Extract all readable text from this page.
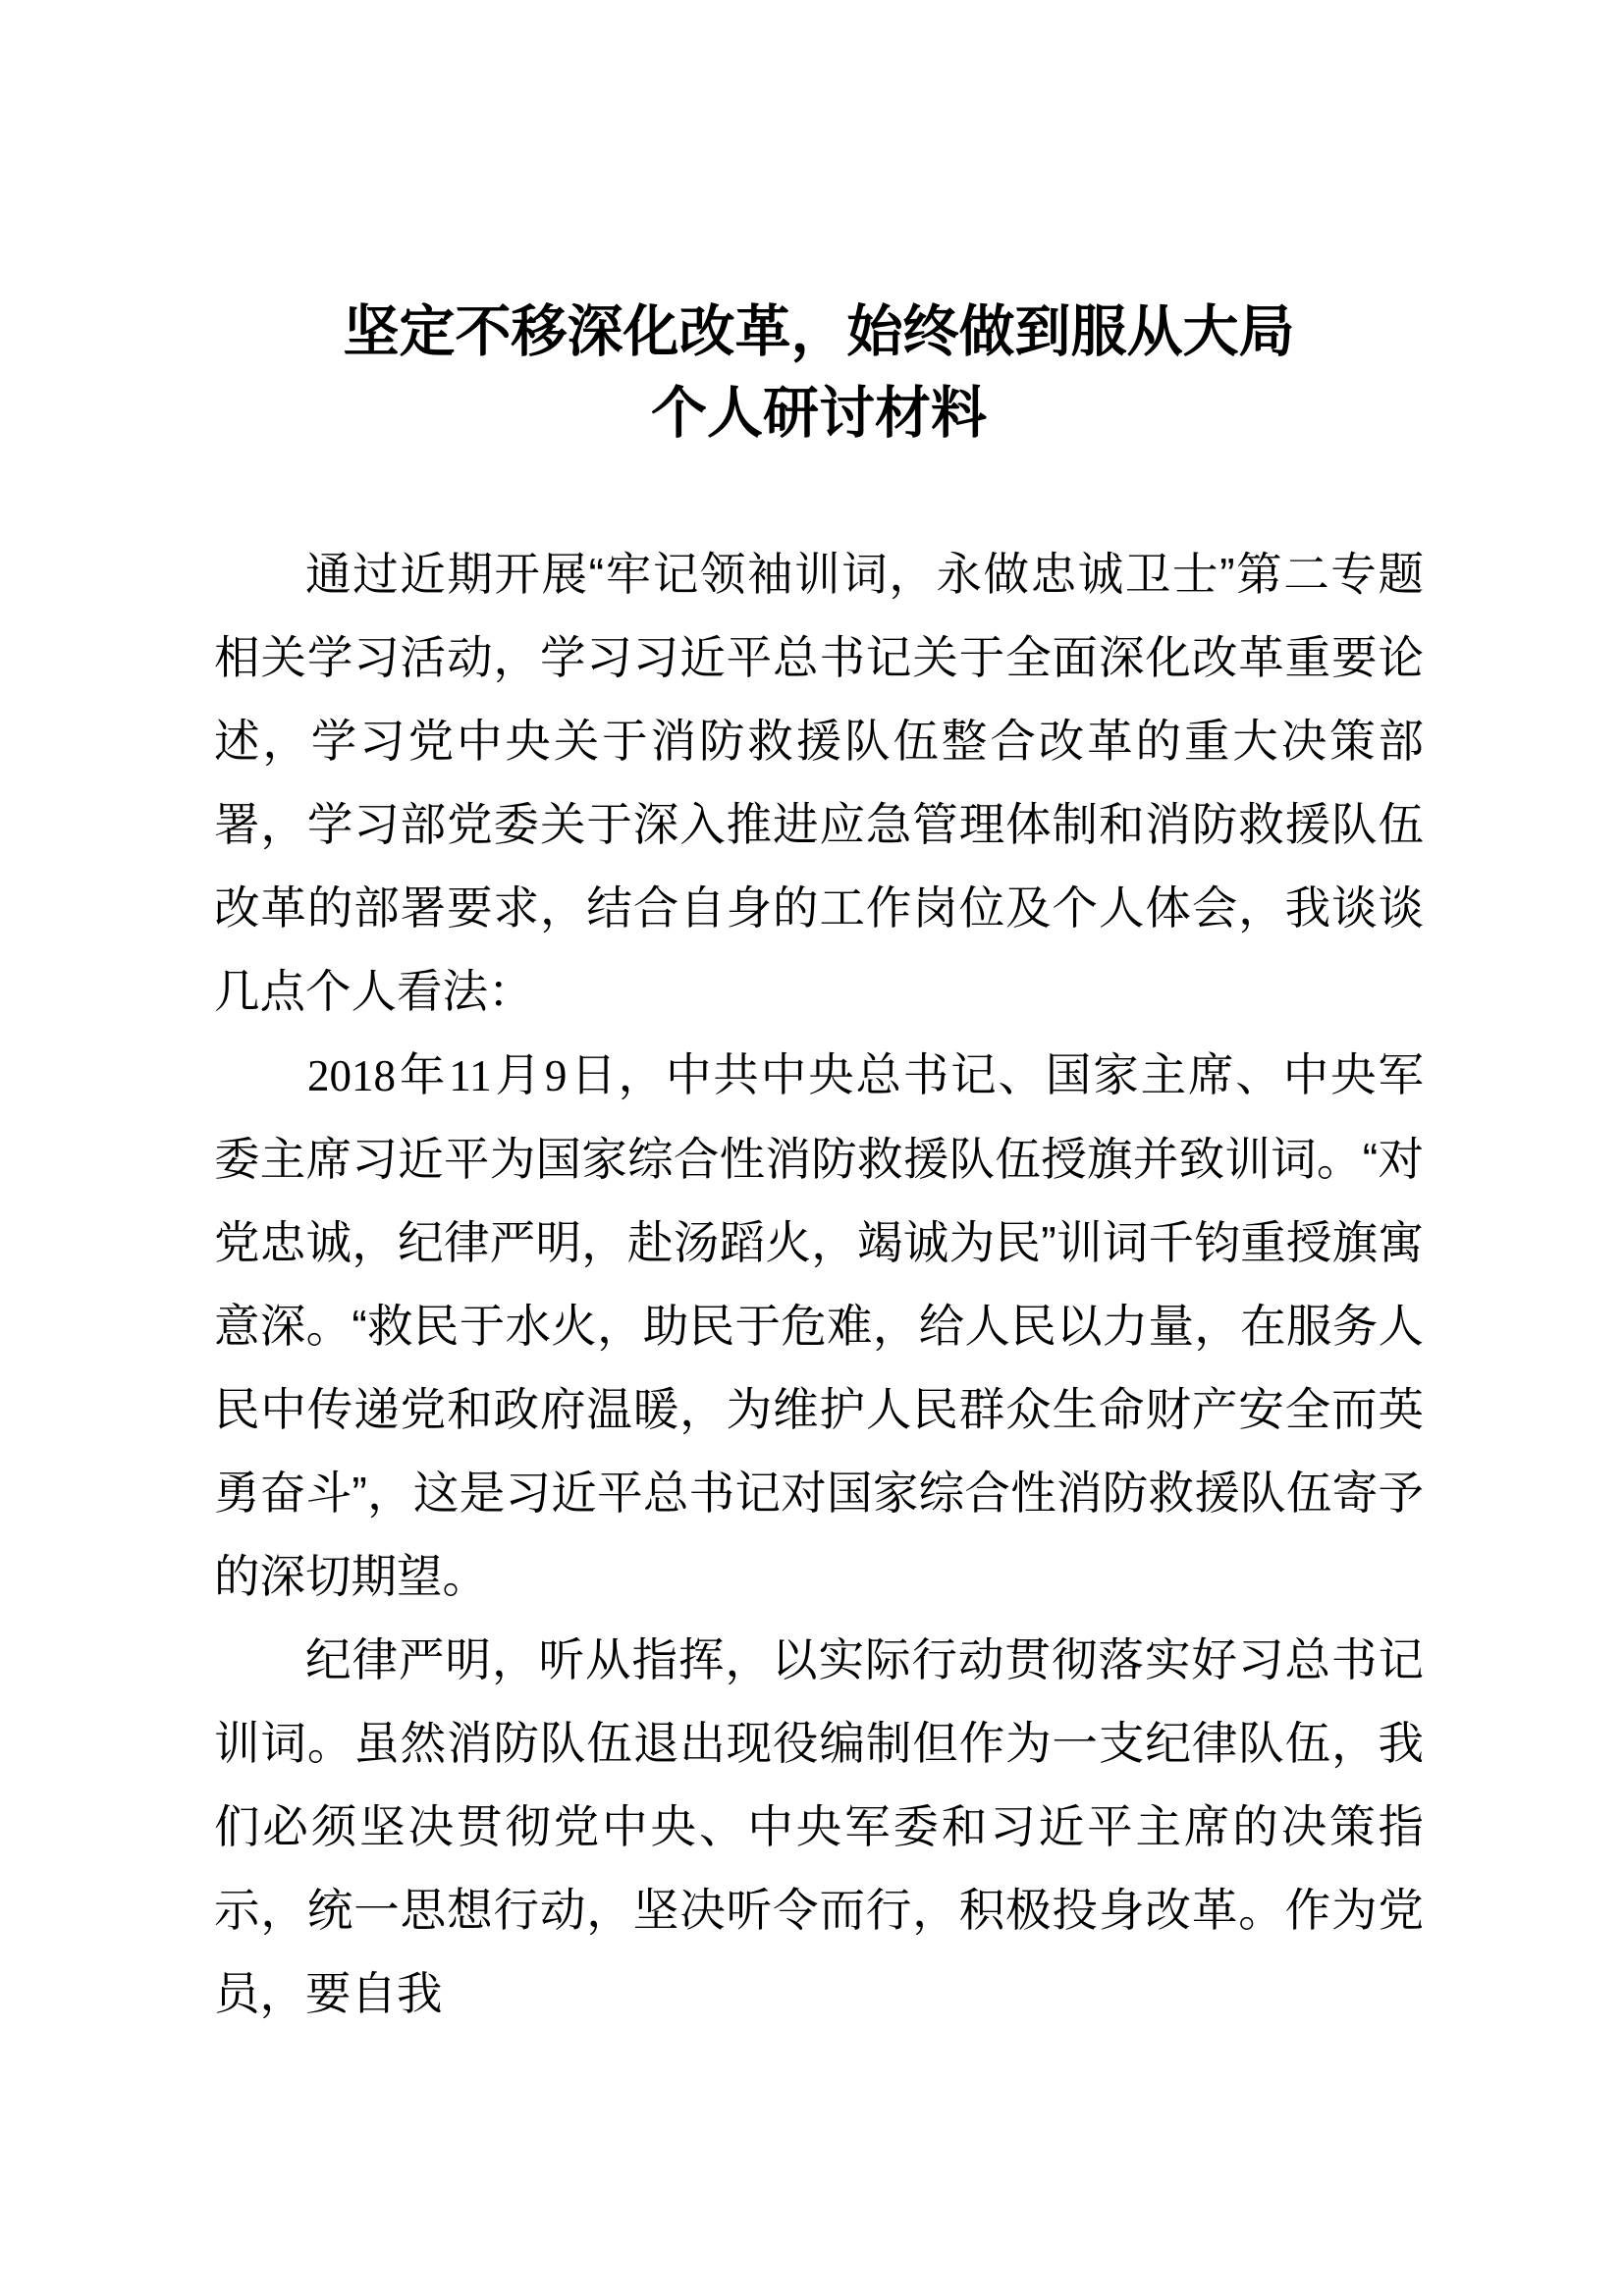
坚定不移深化改革，始终做到服从大局
个人研讨材料

通过近期开展“牢记领袖训词，永做忠诚卫士”第二专题相关学习活动，学习习近平总书记关于全面深化改革重要论述，学习党中央关于消防救援队伍整合改革的重大决策部署，学习部党委关于深入推进应急管理体制和消防救援队伍改革的部署要求，结合自身的工作岗位及个人体会，我谈谈几点个人看法：

2018年11月9日，中共中央总书记、国家主席、中央军委主席习近平为国家综合性消防救援队伍授旗并致训词。“对党忠诚，纪律严明，赴汤蹈火，竭诚为民”训词千钧重授旗寓意深。“救民于水火，助民于危难，给人民以力量，在服务人民中传递党和政府温暖，为维护人民群众生命财产安全而英勇奋斗”，这是习近平总书记对国家综合性消防救援队伍寄予的深切期望。

纪律严明，听从指挥，以实际行动贯彻落实好习总书记训词。虽然消防队伍退出现役编制但作为一支纪律队伍，我们必须坚决贯彻党中央、中央军委和习近平主席的决策指示，统一思想行动，坚决听令而行，积极投身改革。作为党员，要自我
